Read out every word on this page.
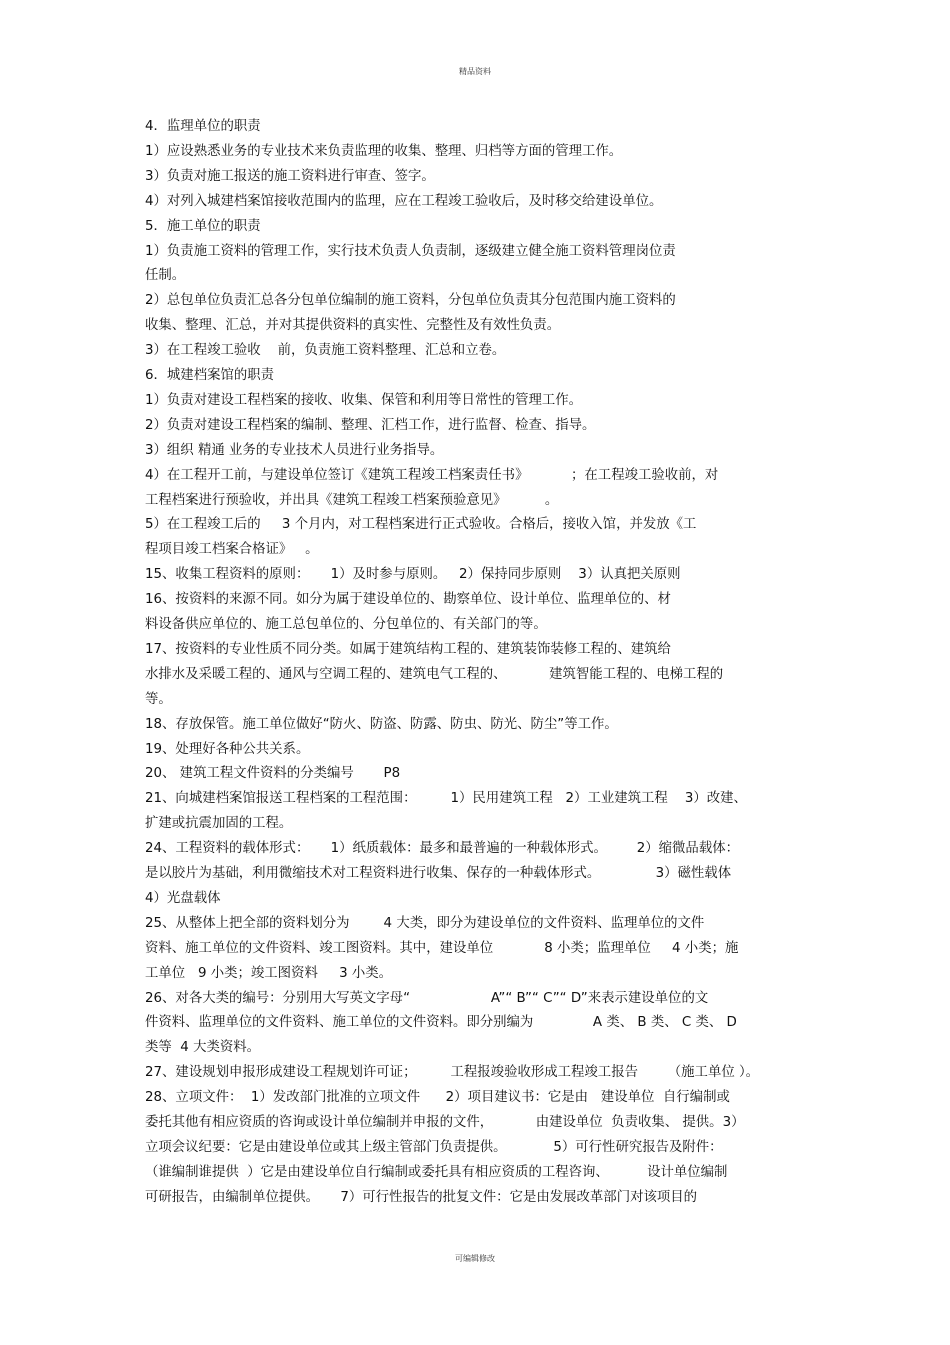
精品资料
4．监理单位的职责
1）应设熟悉业务的专业技术来负责监理的收集、整理、归档等方面的管理工作。
3）负责对施工报送的施工资料进行审查、签字。
4）对列入城建档案馆接收范围内的监理，应在工程竣工验收后，及时移交给建设单位。
5．施工单位的职责
1）负责施工资料的管理工作，实行技术负责人负责制，逐级建立健全施工资料管理岗位责
任制。
2）总包单位负责汇总各分包单位编制的施工资料，分包单位负责其分包范围内施工资料的
收集、整理、汇总，并对其提供资料的真实性、完整性及有效性负责。
3）在工程竣工验收    前，负责施工资料整理、汇总和立卷。
6．城建档案馆的职责
1）负责对建设工程档案的接收、收集、保管和利用等日常性的管理工作。
2）负责对建设工程档案的编制、整理、汇档工作，进行监督、检查、指导。
3）组织 精通 业务的专业技术人员进行业务指导。
4）在工程开工前，与建设单位签订《建筑工程竣工档案责任书》          ；在工程竣工验收前，对
工程档案进行预验收，并出具《建筑工程竣工档案预验意见》         。
5）在工程竣工后的     3 个月内，对工程档案进行正式验收。合格后，接收入馆，并发放《工
程项目竣工档案合格证》   。
15、收集工程资料的原则：     1）及时参与原则。   2）保持同步原则    3）认真把关原则
16、按资料的来源不同。如分为属于建设单位的、勘察单位、设计单位、监理单位的、材
料设备供应单位的、施工总包单位的、分包单位的、有关部门的等。
17、按资料的专业性质不同分类。如属于建筑结构工程的、建筑装饰装修工程的、建筑给
水排水及采暖工程的、通风与空调工程的、建筑电气工程的、          建筑智能工程的、电梯工程的
等。
18、存放保管。施工单位做好“防火、防盗、防露、防虫、防光、防尘”等工作。
19、处理好各种公共关系。
20、 建筑工程文件资料的分类编号       P8
21、向城建档案馆报送工程档案的工程范围：        1）民用建筑工程   2）工业建筑工程    3）改建、
扩建或抗震加固的工程。
24、工程资料的载体形式：     1）纸质载体：最多和最普遍的一种载体形式。       2）缩微品载体：
是以胶片为基础，利用微缩技术对工程资料进行收集、保存的一种载体形式。             3）磁性载体
4）光盘载体
25、从整体上把全部的资料划分为        4 大类，即分为建设单位的文件资料、监理单位的文件
资料、施工单位的文件资料、竣工图资料。其中，建设单位            8 小类；监理单位     4 小类；施
工单位   9 小类；竣工图资料     3 小类。
26、对各大类的编号：分别用大写英文字母“                   A”“ B”“ C”“ D”来表示建设单位的文
件资料、监理单位的文件资料、施工单位的文件资料。即分别编为              A 类、 B 类、 C 类、 D
类等  4 大类资料。
27、建设规划申报形成建设工程规划许可证；        工程报竣验收形成工程竣工报告       （施工单位 ）。
28、立项文件：  1）发改部门批准的立项文件      2）项目建议书：它是由   建设单位  自行编制或
委托其他有相应资质的咨询或设计单位编制并申报的文件，          由建设单位  负责收集、 提供。3）
立项会议纪要：它是由建设单位或其上级主管部门负责提供。           5）可行性研究报告及附件：
（谁编制谁提供  ）它是由建设单位自行编制或委托具有相应资质的工程咨询、         设计单位编制
可研报告，由编制单位提供。     7）可行性报告的批复文件：它是由发展改革部门对该项目的
可编辑修改
